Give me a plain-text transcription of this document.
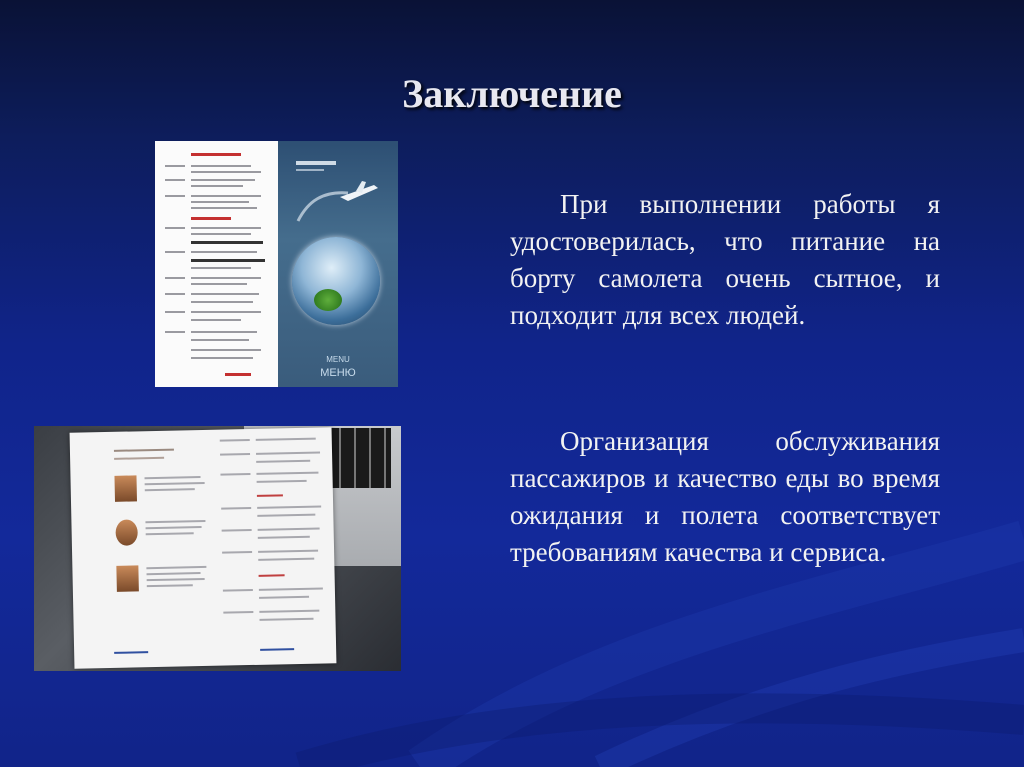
Заключение
MENU
МЕНЮ

При выполнении работы я удостоверилась, что питание на борту самолета очень сытное, и подходит для всех людей.

Организация обслуживания пассажиров и качество еды во время ожидания и полета соответствует требованиям качества и сервиса.
